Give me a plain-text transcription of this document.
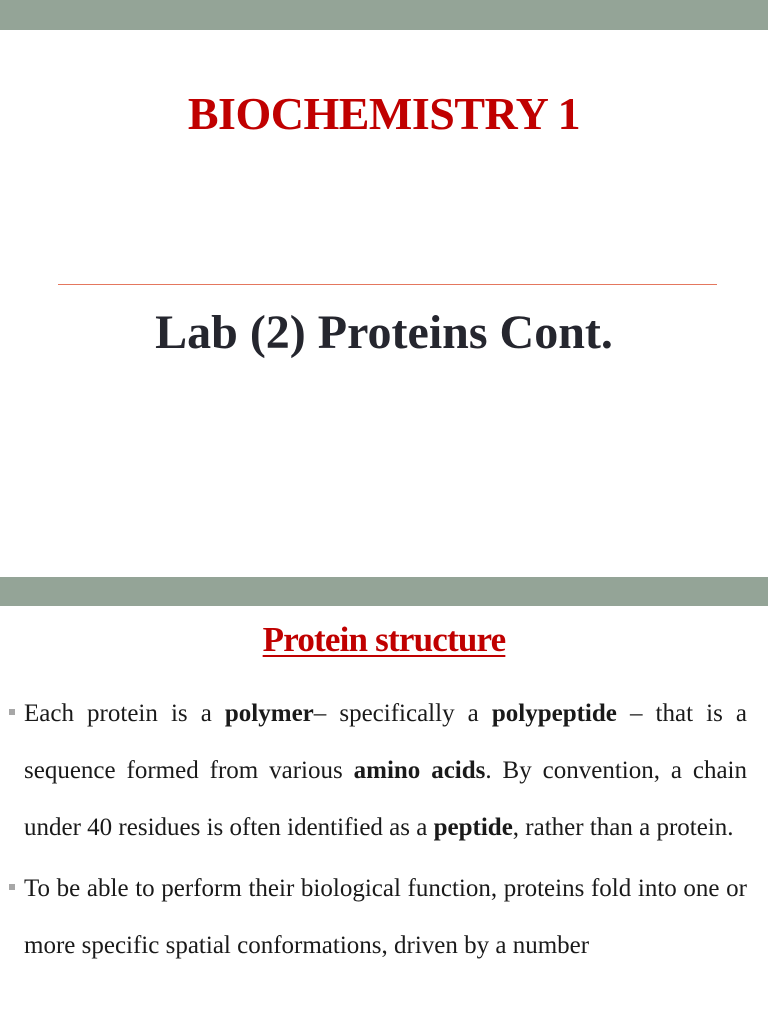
BIOCHEMISTRY 1
Lab (2) Proteins Cont.
Protein structure
Each protein is a polymer– specifically a polypeptide – that is a sequence formed from various amino acids. By convention, a chain under 40 residues is often identified as a peptide, rather than a protein.
To be able to perform their biological function, proteins fold into one or more specific spatial conformations, driven by a number
